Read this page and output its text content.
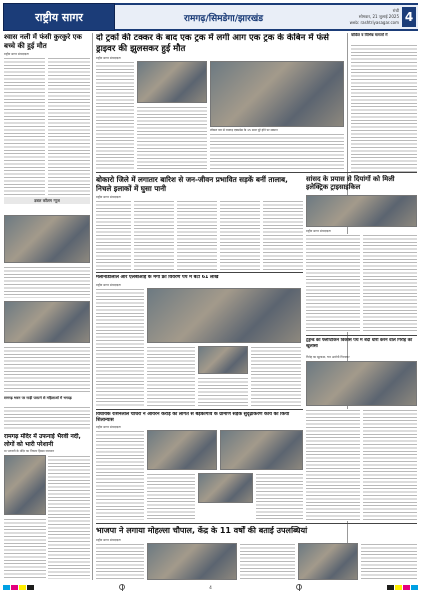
राष्ट्रीय सागर	रामगढ़/सिमडेगा/झारखंड
रांची
सोमवार, 21 जुलाई 2025
web: rashtriyasagar.com 4
श्वास नली में फंसी कुरकुरे एक बच्चे की हुई मौत
राष्ट्रीय सागर संवाददाता
डबल कॉलम न्यूज
रामगढ़ भवन पर गाड़ी पलटने से महिलाओं में भगदड़
रामगढ़ मंदिर में उफनाई भैरवी नदी, लोगों को भारी परेशानी
मा भगवती के मंदिर का निचला हिस्सा जलमग्न
दो ट्रकों की टक्कर के बाद एक ट्रक में लगी आग एक ट्रक के केबिन में फंसे ड्राइवर की झुलसकर हुई मौत
राष्ट्रीय सागर संवाददाता
लोकल बार से रामगढ़ एक्सप्रेस के 15 साल पूरे होने पर सम्मान
वांछित व विभिन्न मामलों में
बोकारो जिले में लगातार बारिश से जन-जीवन प्रभावित सड़कें बनीं तालाब, निचले इलाकों में घुसा पानी
राष्ट्रीय सागर संवाददाता
सांसद के प्रयास से दियांगों को मिली इलेक्ट्रिक ट्राइसाइकिल
राष्ट्रीय सागर संवाददाता
मेलानाडीलाल और एलबीआई के मेगा फ्रा विवरण पैप में बंटा 61 लाख
राष्ट्रीय सागर संवाददाता
ट्रेड्रेन्ड का फ्लेप्टिकिन विकास पथे में बेदी धोरी करने वाले गिरोह का खुलासा
गिरोह का खुलासा, चार आरोपी गिरफ्तार
विधायक रोशनलाल चौधरी ने आयरन करोड़ की लागत से बड़कागांव के ग्रामीण सड़क सुदृढ़ीकरण कार्य का किया शिलान्यास
राष्ट्रीय सागर संवाददाता
भाजपा ने लगाया मोहल्ला चौपाल, केंद्र के 11 वर्षों की बताई उपलब्धियां
राष्ट्रीय सागर संवाददाता
4
